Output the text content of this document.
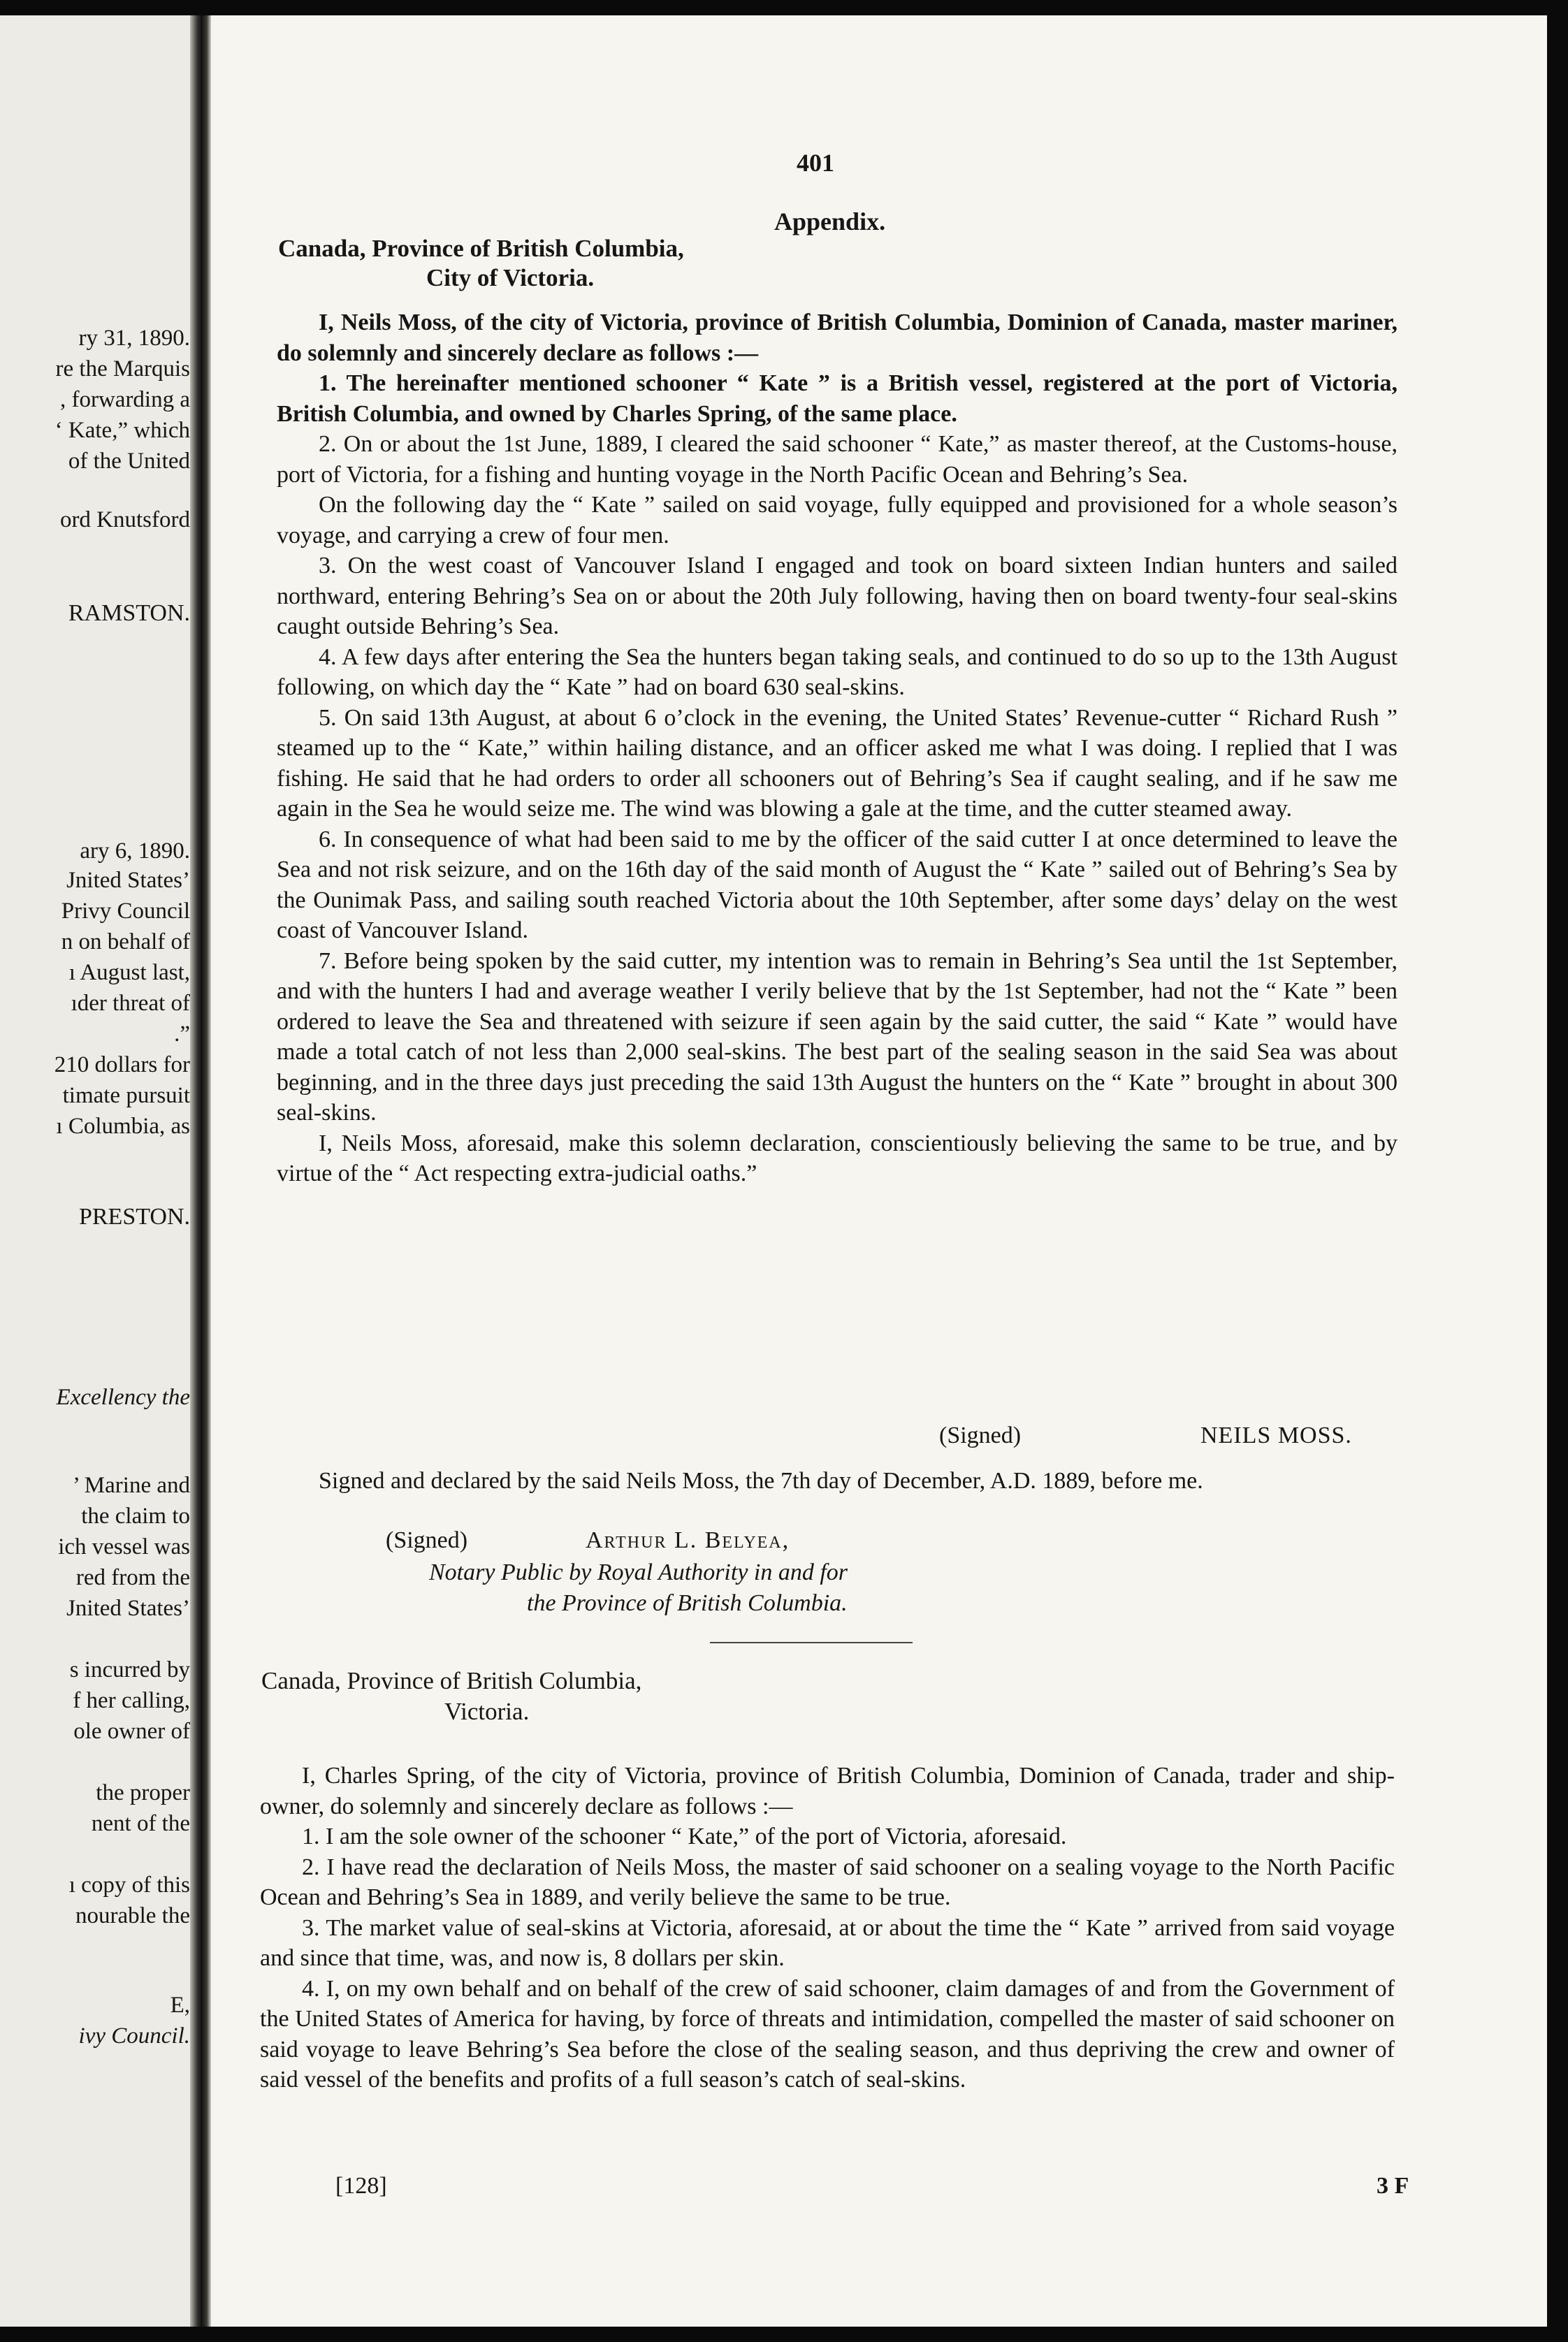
ry 31, 1890.
re the Marquis
, forwarding a
‘ Kate,” which
of the United
ord Knutsford
RAMSTON.
ary 6, 1890.
Jnited States’
Privy Council
n on behalf of
ı August last,
ıder threat of
.”
210 dollars for
timate pursuit
ı Columbia, as
PRESTON.
Excellency the
’ Marine and
the claim to
ich vessel was
red from the
Jnited States’
s incurred by
f her calling,
ole owner of
the proper
nent of the
ı copy of this
nourable the
E,
ivy Council.
401
Appendix.
Canada, Province of British Columbia,
City of Victoria.

I, Neils Moss, of the city of Victoria, province of British Columbia, Dominion of Canada, master mariner, do solemnly and sincerely declare as follows :—

1. The hereinafter mentioned schooner “ Kate ” is a British vessel, registered at the port of Victoria, British Columbia, and owned by Charles Spring, of the same place.

2. On or about the 1st June, 1889, I cleared the said schooner “ Kate,” as master thereof, at the Customs-house, port of Victoria, for a fishing and hunting voyage in the North Pacific Ocean and Behring’s Sea.

On the following day the “ Kate ” sailed on said voyage, fully equipped and provisioned for a whole season’s voyage, and carrying a crew of four men.

3. On the west coast of Vancouver Island I engaged and took on board sixteen Indian hunters and sailed northward, entering Behring’s Sea on or about the 20th July following, having then on board twenty-four seal-skins caught outside Behring’s Sea.

4. A few days after entering the Sea the hunters began taking seals, and continued to do so up to the 13th August following, on which day the “ Kate ” had on board 630 seal-skins.

5. On said 13th August, at about 6 o’clock in the evening, the United States’ Revenue-cutter “ Richard Rush ” steamed up to the “ Kate,” within hailing distance, and an officer asked me what I was doing. I replied that I was fishing. He said that he had orders to order all schooners out of Behring’s Sea if caught sealing, and if he saw me again in the Sea he would seize me. The wind was blowing a gale at the time, and the cutter steamed away.

6. In consequence of what had been said to me by the officer of the said cutter I at once determined to leave the Sea and not risk seizure, and on the 16th day of the said month of August the “ Kate ” sailed out of Behring’s Sea by the Ounimak Pass, and sailing south reached Victoria about the 10th September, after some days’ delay on the west coast of Vancouver Island.

7. Before being spoken by the said cutter, my intention was to remain in Behring’s Sea until the 1st September, and with the hunters I had and average weather I verily believe that by the 1st September, had not the “ Kate ” been ordered to leave the Sea and threatened with seizure if seen again by the said cutter, the said “ Kate ” would have made a total catch of not less than 2,000 seal-skins. The best part of the sealing season in the said Sea was about beginning, and in the three days just preceding the said 13th August the hunters on the “ Kate ” brought in about 300 seal-skins.

I, Neils Moss, aforesaid, make this solemn declaration, conscientiously believing the same to be true, and by virtue of the “ Act respecting extra-judicial oaths.”

(Signed)	NEILS MOSS.

Signed and declared by the said Neils Moss, the 7th day of December, A.D. 1889, before me.

(Signed)	Arthur L. Belyea,
Notary Public by Royal Authority in and for
the Province of British Columbia.
Canada, Province of British Columbia,
Victoria.

I, Charles Spring, of the city of Victoria, province of British Columbia, Dominion of Canada, trader and ship-owner, do solemnly and sincerely declare as follows :—

1. I am the sole owner of the schooner “ Kate,” of the port of Victoria, aforesaid.

2. I have read the declaration of Neils Moss, the master of said schooner on a sealing voyage to the North Pacific Ocean and Behring’s Sea in 1889, and verily believe the same to be true.

3. The market value of seal-skins at Victoria, aforesaid, at or about the time the “ Kate ” arrived from said voyage and since that time, was, and now is, 8 dollars per skin.

4. I, on my own behalf and on behalf of the crew of said schooner, claim damages of and from the Government of the United States of America for having, by force of threats and intimidation, compelled the master of said schooner on said voyage to leave Behring’s Sea before the close of the sealing season, and thus depriving the crew and owner of said vessel of the benefits and profits of a full season’s catch of seal-skins.

[128]	3 F
